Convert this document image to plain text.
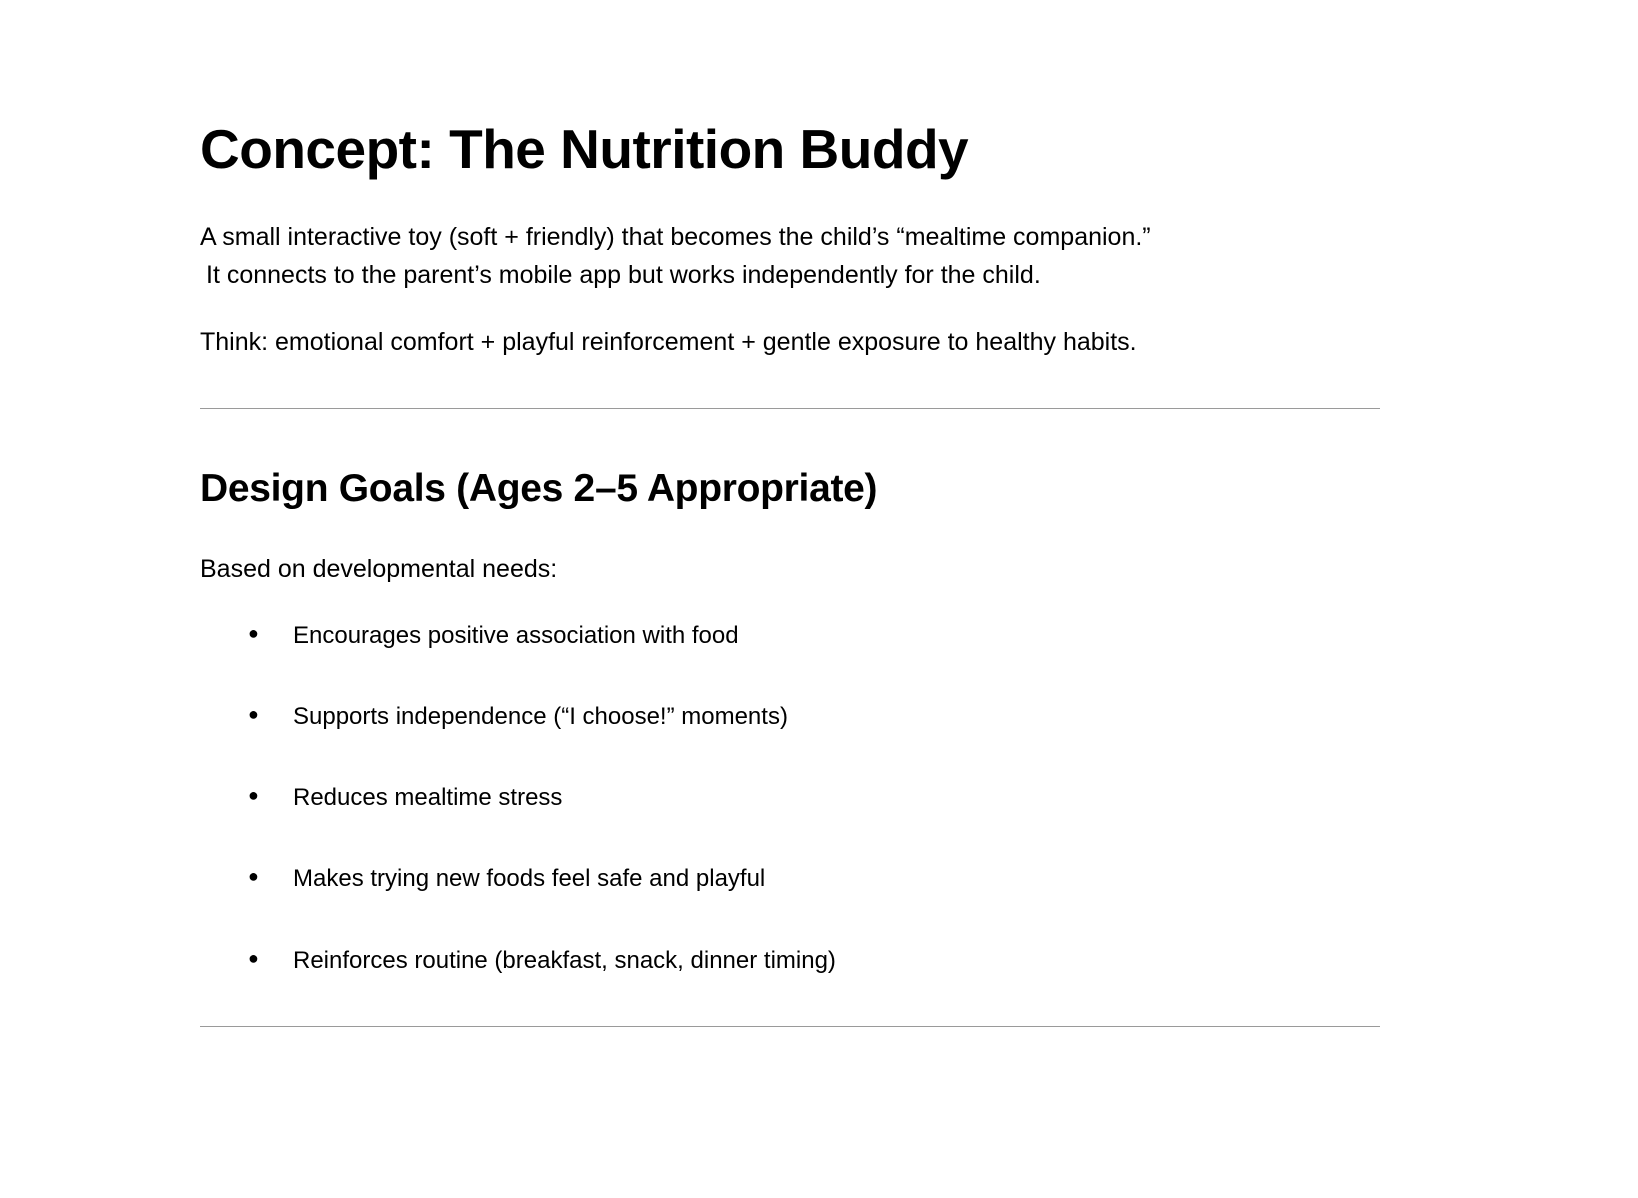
Concept: The Nutrition Buddy

A small interactive toy (soft + friendly) that becomes the child’s “mealtime companion.”

It connects to the parent’s mobile app but works independently for the child.

Think: emotional comfort + playful reinforcement + gentle exposure to healthy habits.

Design Goals (Ages 2–5 Appropriate)

Based on developmental needs:

● Encourages positive association with food
● Supports independence (“I choose!” moments)
● Reduces mealtime stress
● Makes trying new foods feel safe and playful
● Reinforces routine (breakfast, snack, dinner timing)
